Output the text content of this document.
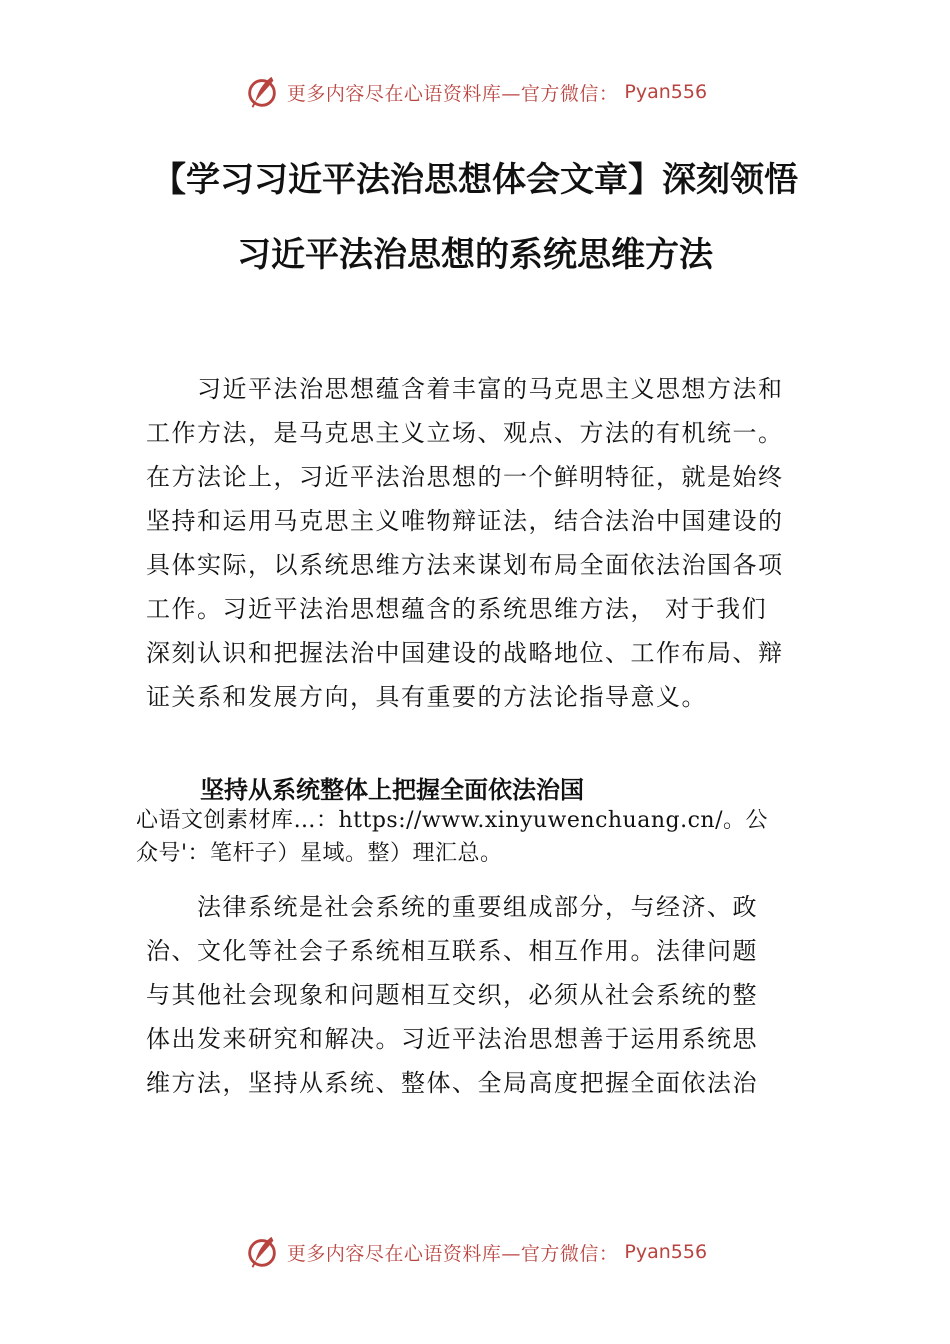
更多内容尽在心语资料库—官方微信： Pyan556
【学习习近平法治思想体会文章】深刻领悟
习近平法治思想的系统思维方法
　　习近平法治思想蕴含着丰富的马克思主义思想方法和
工作方法，是马克思主义立场、观点、方法的有机统一。
在方法论上，习近平法治思想的一个鲜明特征，就是始终
坚持和运用马克思主义唯物辩证法，结合法治中国建设的
具体实际，以系统思维方法来谋划布局全面依法治国各项
工作。习近平法治思想蕴含的系统思维方法， 对于我们
深刻认识和把握法治中国建设的战略地位、工作布局、辩
证关系和发展方向，具有重要的方法论指导意义。
坚持从系统整体上把握全面依法治国
心语文创素材库…：https://www.xinyuwenchuang.cn/。公
众号'：笔杆子）星域。整）理汇总。
　　法律系统是社会系统的重要组成部分，与经济、政
治、文化等社会子系统相互联系、相互作用。法律问题
与其他社会现象和问题相互交织，必须从社会系统的整
体出发来研究和解决。习近平法治思想善于运用系统思
维方法，坚持从系统、整体、全局高度把握全面依法治
更多内容尽在心语资料库—官方微信： Pyan556
